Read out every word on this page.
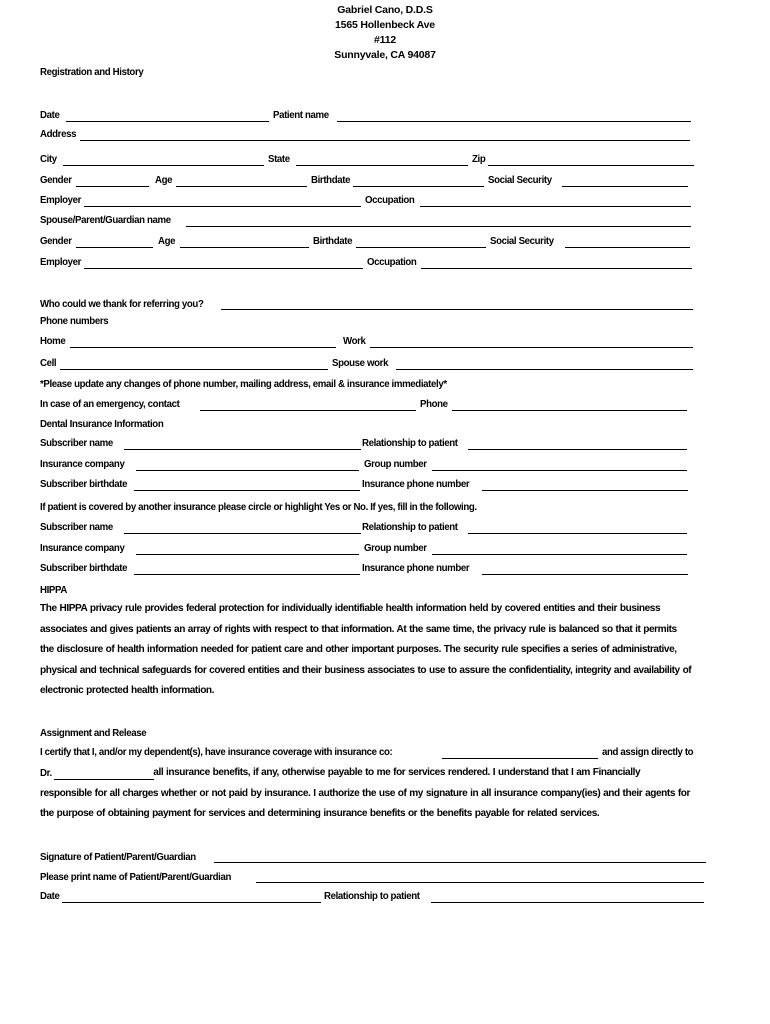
Gabriel Cano, D.D.S
1565 Hollenbeck Ave
#112
Sunnyvale, CA 94087
Registration and History
Date	Patient name
Address
City	State	Zip
Gender	Age	Birthdate	Social Security
Employer	Occupation
Spouse/Parent/Guardian name
Gender	Age	Birthdate	Social Security
Employer	Occupation
Who could we thank for referring you?
Phone numbers
Home	Work
Cell	Spouse work
*Please update any changes of phone number, mailing address, email & insurance immediately*
In case of an emergency, contact	Phone
Dental Insurance Information
Subscriber name	Relationship to patient
Insurance company	Group number
Subscriber birthdate	Insurance phone number
If patient is covered by another insurance please circle or highlight Yes or No. If yes, fill in the following.
Subscriber name	Relationship to patient
Insurance company	Group number
Subscriber birthdate	Insurance phone number
HIPPA
The HIPPA privacy rule provides federal protection for individually identifiable health information held by covered entities and their business associates and gives patients an array of rights with respect to that information. At the same time, the privacy rule is balanced so that it permits the disclosure of health information needed for patient care and other important purposes. The security rule specifies a series of administrative, physical and technical safeguards for covered entities and their business associates to use to assure the confidentiality, integrity and availability of electronic protected health information.
Assignment and Release
I certify that I, and/or my dependent(s), have insurance coverage with insurance co:	and assign directly to
Dr.	all insurance benefits, if any, otherwise payable to me for services rendered. I understand that I am Financially responsible for all charges whether or not paid by insurance. I authorize the use of my signature in all insurance company(ies) and their agents for the purpose of obtaining payment for services and determining insurance benefits or the benefits payable for related services.
Signature of Patient/Parent/Guardian
Please print name of Patient/Parent/Guardian
Date	Relationship to patient
